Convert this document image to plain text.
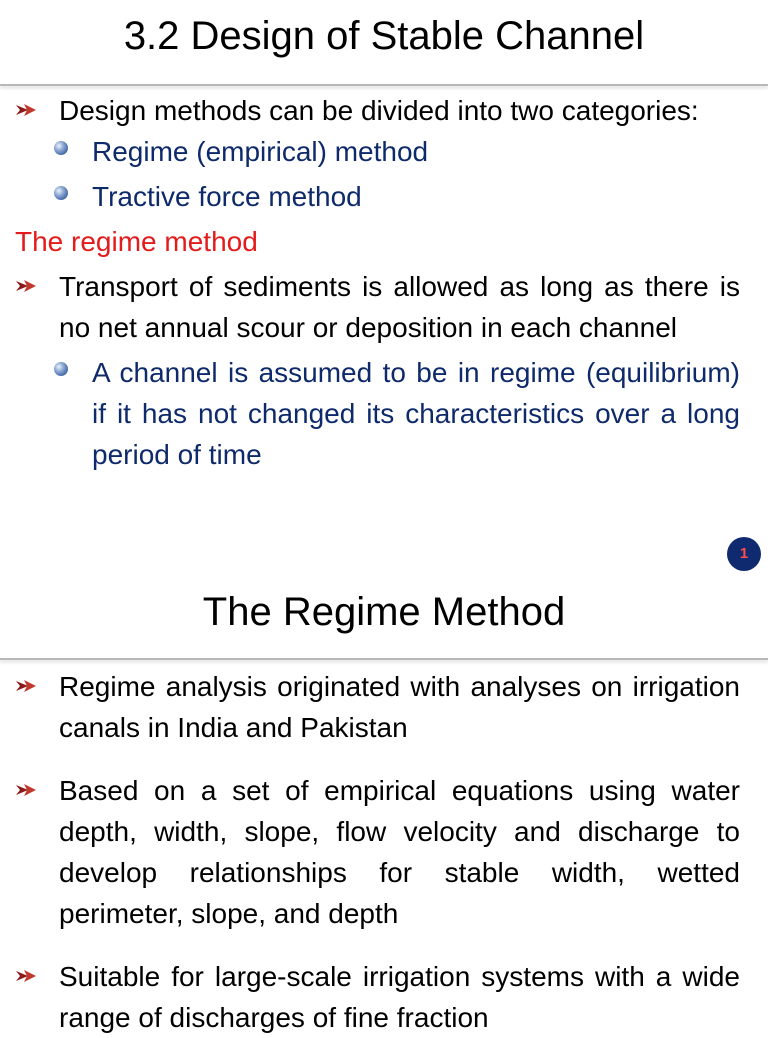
3.2 Design of Stable Channel
Design methods can be divided into two categories:
Regime (empirical) method
Tractive force method
The regime method
Transport of sediments is allowed as long as there is no net annual scour or deposition in each channel
A channel is assumed to be in regime (equilibrium) if it has not changed its characteristics over a long period of time
1
The Regime Method
Regime analysis originated with analyses on irrigation canals in India and Pakistan
Based on a set of empirical equations using water depth, width, slope, flow velocity and discharge to develop relationships for stable width, wetted perimeter, slope, and depth
Suitable for large-scale irrigation systems with a wide range of discharges of fine fraction
